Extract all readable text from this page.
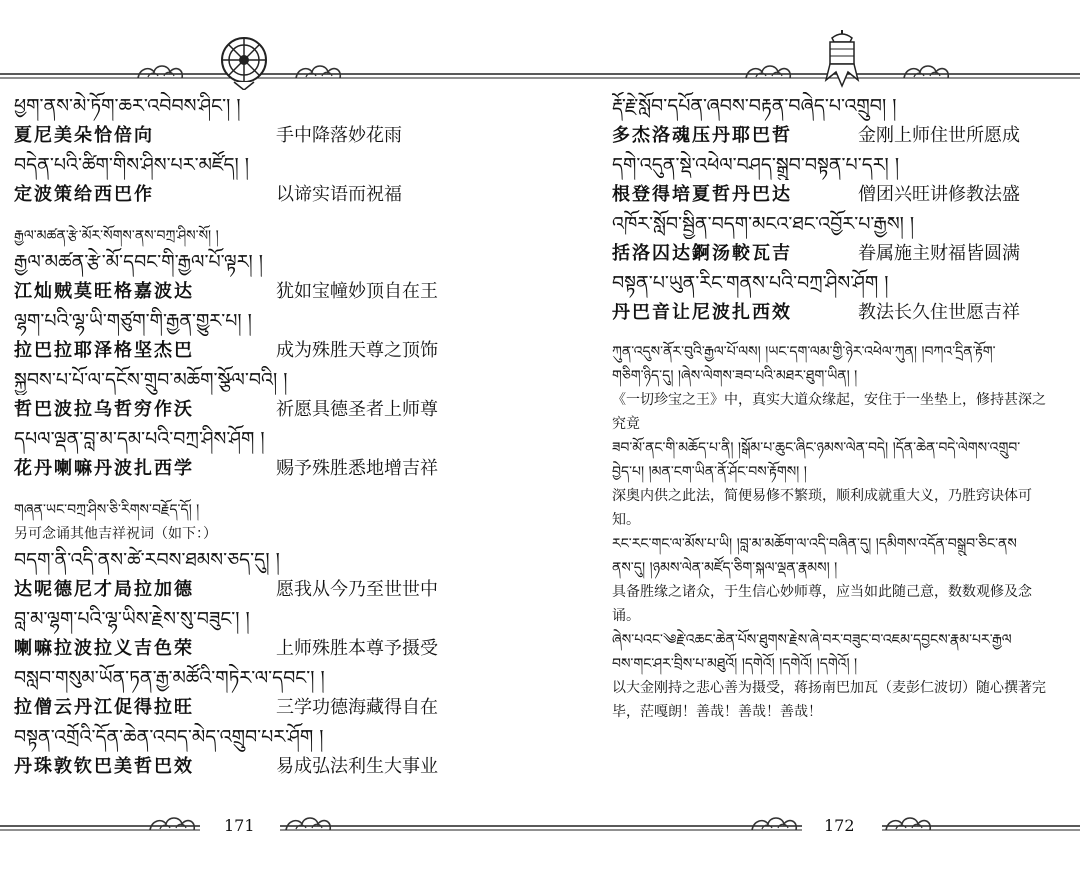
ཕྱག་ནས་མེ་ཏོག་ཆར་འབེབས་ཤིང་། །
夏尼美朵恰倍向	手中降落妙花雨
བདེན་པའི་ཚིག་གིས་ཤིས་པར་མཛོད། །
定波策给西巴作	以谛实语而祝福
རྒྱལ་མཚན་རྩེ་མོར་སོགས་ནས་བཀྲ་ཤིས་སོ། །
རྒྱལ་མཚན་རྩེ་མོ་དབང་གི་རྒྱལ་པོ་ལྟར། །
江灿贼莫旺格嘉波达	犹如宝幢妙顶自在王
ལྷག་པའི་ལྷ་ཡི་གཙུག་གི་རྒྱན་གྱུར་པ། །
拉巴拉耶泽格坚杰巴	成为殊胜天尊之顶饰
སྐྱབས་པ་པོ་ལ་དངོས་གྲུབ་མཆོག་སྩོལ་བའི། །
哲巴波拉乌哲穷作沃	祈愿具德圣者上师尊
དཔལ་ལྡན་བླ་མ་དམ་པའི་བཀྲ་ཤིས་ཤོག །
花丹喇嘛丹波扎西学	赐予殊胜悉地增吉祥
གཞན་ཡང་བཀྲ་ཤིས་ཅི་རིགས་བརྗོད་དོ། །
另可念诵其他吉祥祝词（如下：）
བདག་ནི་འདི་ནས་ཚེ་རབས་ཐམས་ཅད་དུ། །
达呢德尼才局拉加德	愿我从今乃至世世中
བླ་མ་ལྷག་པའི་ལྷ་ཡིས་རྗེས་སུ་བཟུང་། །
喇嘛拉波拉义吉色荣	上师殊胜本尊予摄受
བསླབ་གསུམ་ཡོན་ཏན་རྒྱ་མཚོའི་གཏེར་ལ་དབང་། །
拉僧云丹江促得拉旺	三学功德海藏得自在
བསྟན་འགྲོའི་དོན་ཆེན་འབད་མེད་འགྲུབ་པར་ཤོག །
丹珠敦钦巴美哲巴效	易成弘法利生大事业
171
རྡོ་རྗེ་སློབ་དཔོན་ཞབས་བརྟན་བཞེད་པ་འགྲུབ། །
多杰洛魂压丹耶巴哲	金刚上师住世所愿成
དགེ་འདུན་སྡེ་འཕེལ་བཤད་སྒྲུབ་བསྟན་པ་དར། །
根登得培夏哲丹巴达	僧团兴旺讲修教法盛
འཁོར་སློབ་སྦྱིན་བདག་མངའ་ཐང་འབྱོར་པ་རྒྱས། །
括洛囚达錒汤較瓦吉	眷属施主财福皆圆满
བསྟན་པ་ཡུན་རིང་གནས་པའི་བཀྲ་ཤིས་ཤོག །
丹巴音让尼波扎西效	教法长久住世愿吉祥
ཀུན་འདུས་ནོར་བུའི་རྒྱལ་པོ་ལས། །ཡང་དག་ལམ་གྱི་ཉེར་འཕེལ་ཀུན། །བཀའ་དྲིན་རྟོག་
གཅིག་ཉིད་དུ། །ཞེས་ལེགས་ཟབ་པའི་མཐར་ཐུག་ཡིན། །
《一切珍宝之王》中，真实大道众缘起，安住于一坐垫上，修持甚深之究竟
ཟབ་མོ་ནང་གི་མཆོད་པ་ནི། །སྒོམ་པ་ཆུང་ཞིང་ཉམས་ལེན་བདེ། །དོན་ཆེན་བདེ་ལེགས་འགྲུབ་
བྱེད་པ། །མན་ངག་ཡིན་ནོ་ཤོང་བས་རྟོགས། །
深奥内供之此法，简便易修不繁琐，顺利成就重大义，乃胜窍诀体可知。
རང་རང་གང་ལ་མོས་པ་ཡི། །བླ་མ་མཆོག་ལ་འདི་བཞིན་དུ། །དམིགས་འདོན་བསྒྲུབ་ཅིང་ནས
ནས་དུ། །ཉམས་ལེན་མཛོད་ཅིག་སྐལ་ལྡན་རྣམས། །
具备胜缘之诸众，于生信心妙师尊，应当如此随己意，数数观修及念诵。
ཞེས་པའང་༄རྗེ་འཆང་ཆེན་པོས་ཐུགས་རྗེས་ཞེ་བར་བཟུང་བ་འཇམ་དབྱངས་རྣམ་པར་རྒྱལ
བས་གང་ཤར་བྲིས་པ་མཐུའོ། །དགེའོ། །དགེའོ། །དགེའོ། །
以大金刚持之悲心善为摄受，蒋扬南巴加瓦（麦彭仁波切）随心撰著完毕，茫嘎朗！善哉！善哉！善哉！
172
